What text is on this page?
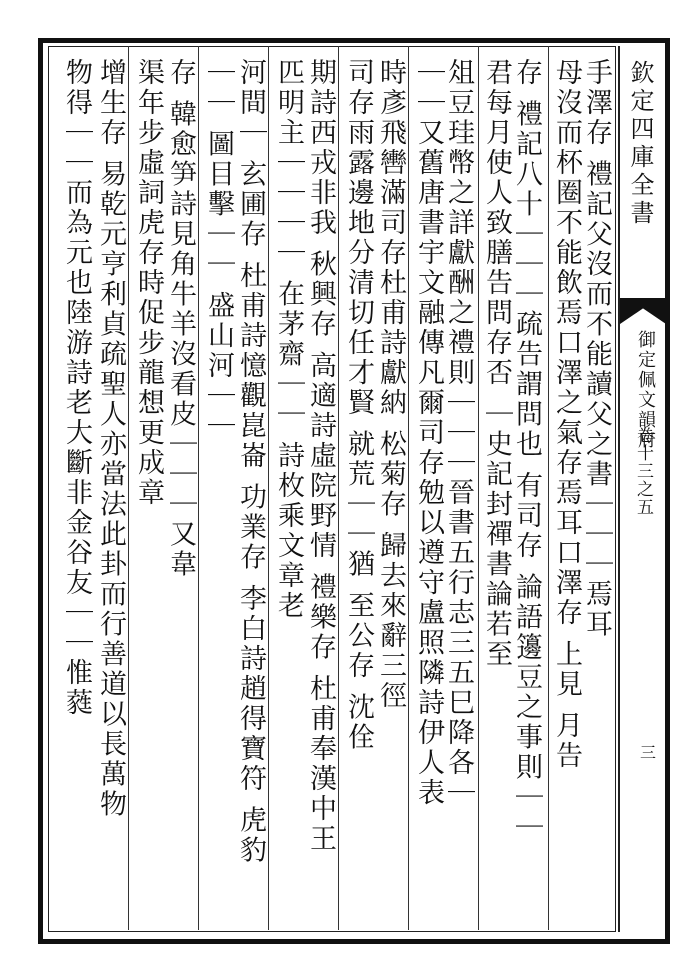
欽定四庫全書
御定佩文韻府
卷十三之五
三
手澤存 禮記父沒而不能讀父之書｜｜｜焉耳
母沒而杯圈不能飲焉口澤之氣存焉耳口澤存 上見 月告
存 禮記八十｜｜｜疏告謂問也 有司存 論語籩豆之事則｜｜
君每月使人致膳告問存否 ｜史記封禪書論若至
俎豆珪幣之詳獻酬之禮則｜｜｜晉書五行志三五巳降各｜
｜｜又舊唐書宇文融傳凡爾司存勉以遵守盧照隣詩伊人表
時彥飛轡滿司存杜甫詩獻納 松菊存 歸去來辭三徑
司存雨露邊地分清切任才賢 就荒｜｜猶 至公存 沈佺
期詩西戎非我 秋興存 高適詩虛院野情 禮樂存 杜甫奉漢中王
匹明主｜｜｜｜ 在茅齋｜｜ 詩枚乘文章老
河間｜ 玄圃存 杜甫詩憶觀崑崙 功業存 李白詩趙得寶符 虎豹
｜｜ 圖目擊｜｜ 盛山河｜｜
存 韓愈笋詩見角牛羊沒看皮｜｜｜又韋
渠年步虛詞虎存時促步龍想更成章
增生存 易乾元亨利貞疏聖人亦當法此卦而行善道以長萬物
物得｜｜而為元也陸游詩老大斷非金谷友｜｜惟蕤
